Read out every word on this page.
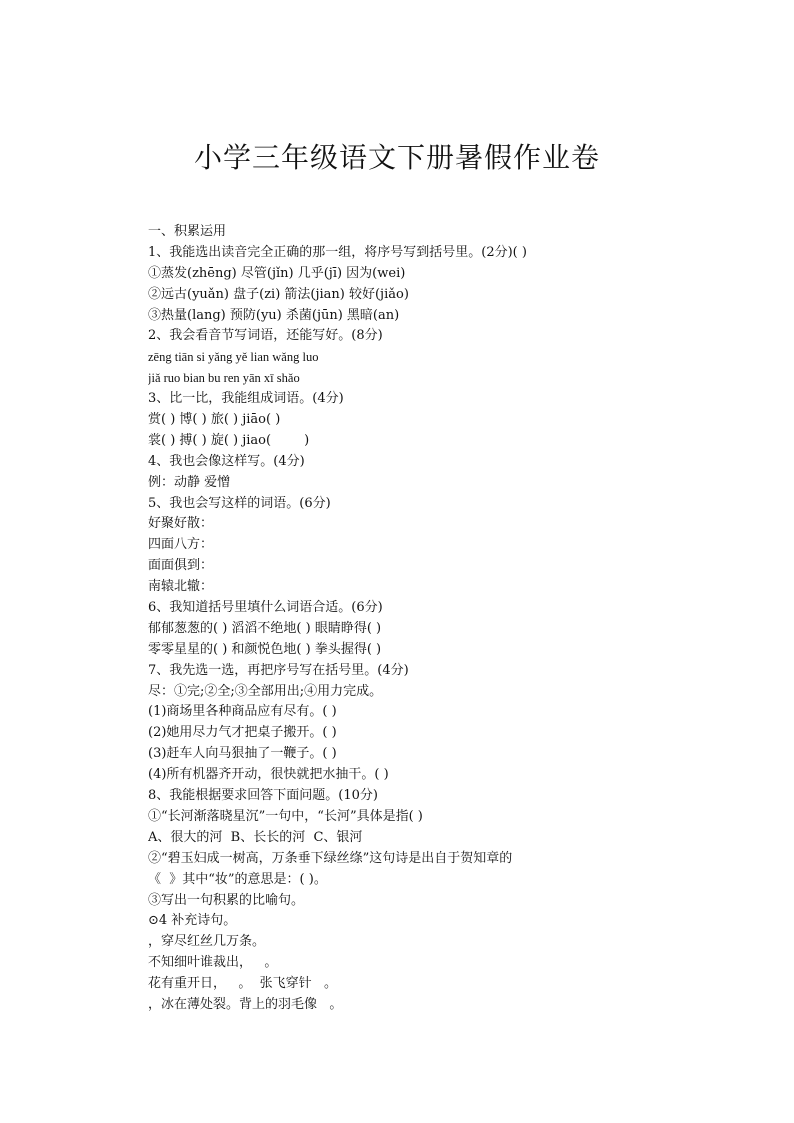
小学三年级语文下册暑假作业卷
一、积累运用
1、我能选出读音完全正确的那一组，将序号写到括号里。(2分)( )
①蒸发(zhēng) 尽管(jǐn) 几乎(jī) 因为(wei)
②远古(yuǎn) 盘子(zi) 箭法(jian) 较好(jiǎo)
③热量(lang) 预防(yu) 杀菌(jūn) 黑暗(an)
2、我会看音节写词语，还能写好。(8分)
zēng tiān si yǎng yě lian wǎng luo
jiǎ ruo bian bu ren yān xī shǎo
3、比一比，我能组成词语。(4分)
赏( ) 博( ) 旅( ) jiāo( )
裳( ) 搏( ) 旋( ) jiao(        )
4、我也会像这样写。(4分)
例：动静 爱憎
5、我也会写这样的词语。(6分)
好聚好散：
四面八方：
面面俱到：
南辕北辙：
6、我知道括号里填什么词语合适。(6分)
郁郁葱葱的( ) 滔滔不绝地( ) 眼睛睁得( )
零零星星的( ) 和颜悦色地( ) 拳头握得( )
7、我先选一选，再把序号写在括号里。(4分)
尽：①完;②全;③全部用出;④用力完成。
(1)商场里各种商品应有尽有。( )
(2)她用尽力气才把桌子搬开。( )
(3)赶车人向马狠抽了一鞭子。( )
(4)所有机器齐开动，很快就把水抽干。( )
8、我能根据要求回答下面问题。(10分)
①“长河渐落晓星沉”一句中，“长河”具体是指( )
A、很大的河  B、长长的河  C、银河
②“碧玉妇成一树高，万条垂下绿丝绦”这句诗是出自于贺知章的
《  》其中“妆”的意思是：( )。
③写出一句积累的比喻句。
⊙4 补充诗句。
，穿尽红丝几万条。
不知细叶谁裁出，   。
花有重开日，   。  张飞穿针   。
，冰在薄处裂。背上的羽毛像   。
